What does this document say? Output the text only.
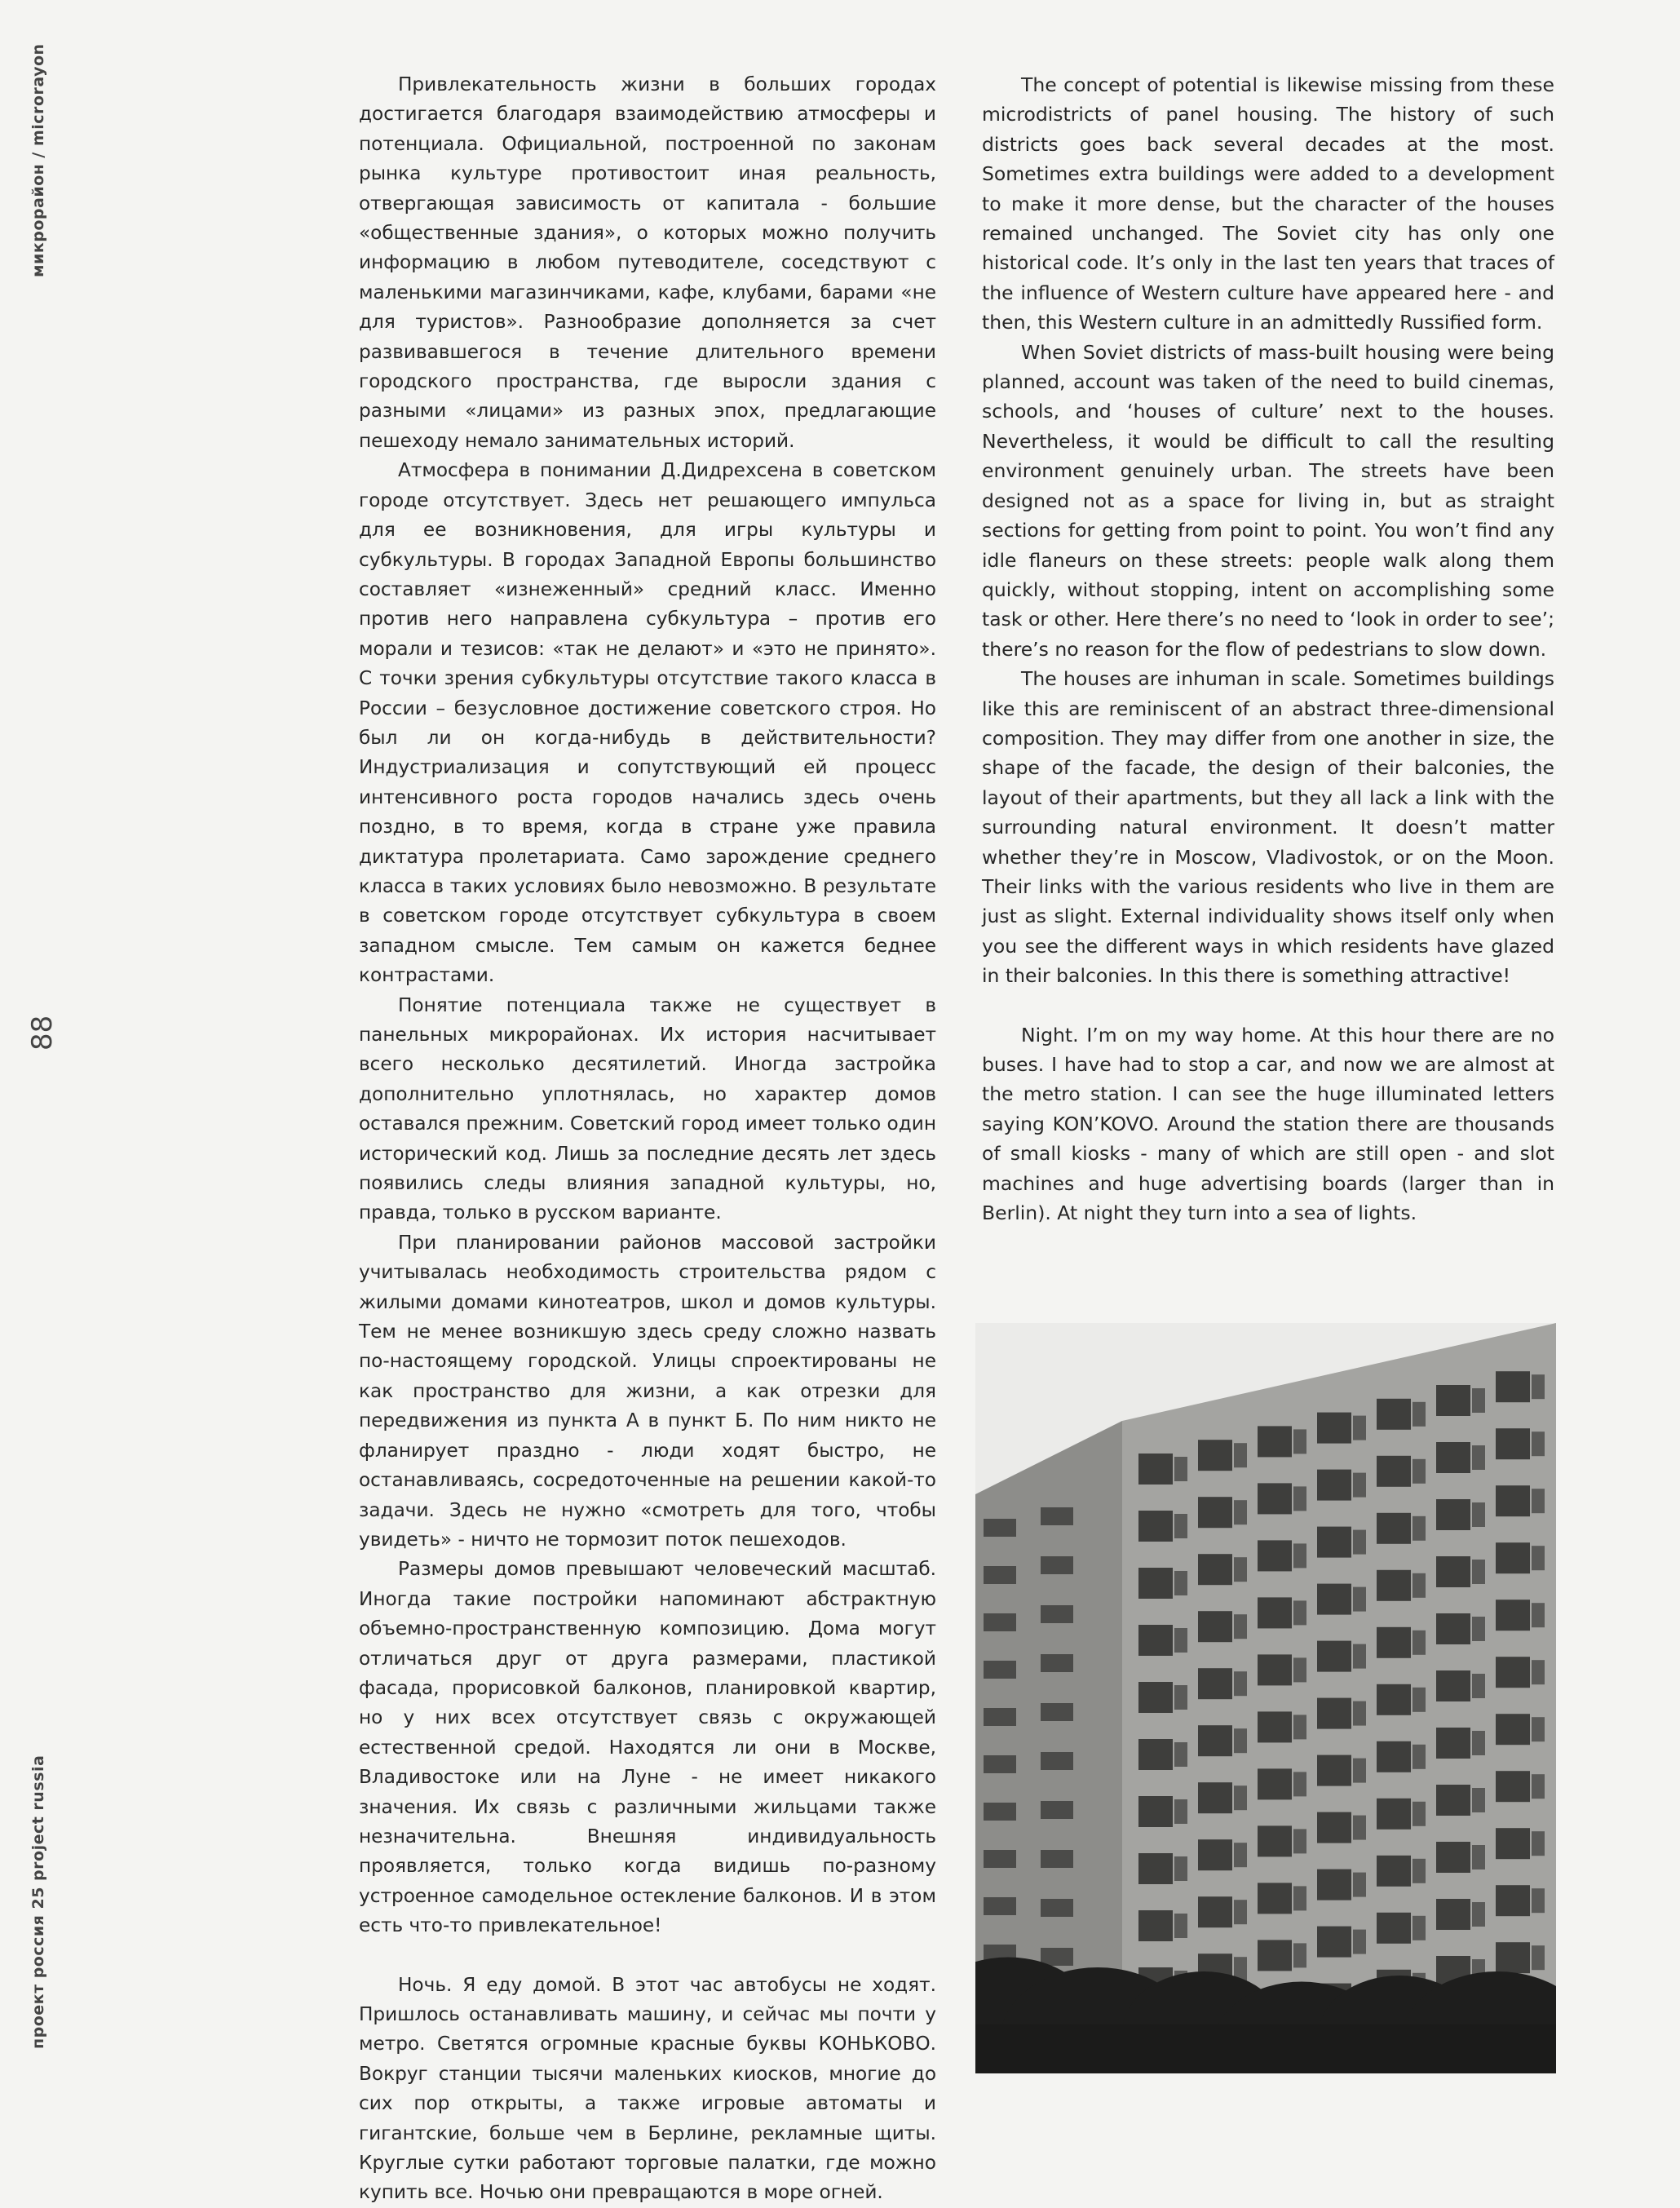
микрорайон / microrayon
88
проект россия 25 project russia

Привлекательность жизни в больших городах достигается благодаря взаимодействию атмосферы и потенциала. Официальной, построенной по законам рынка культуре противостоит иная реальность, отвергающая зависимость от капитала - большие «общественные здания», о которых можно получить информацию в любом путеводителе, соседствуют с маленькими магазинчиками, кафе, клубами, барами «не для туристов». Разнообразие дополняется за счет развивавшегося в течение длительного времени городского пространства, где выросли здания с разными «лицами» из разных эпох, предлагающие пешеходу немало занимательных историй.

Атмосфера в понимании Д.Дидрехсена в советском городе отсутствует. Здесь нет решающего импульса для ее возникновения, для игры культуры и субкультуры. В городах Западной Европы большинство составляет «изнеженный» средний класс. Именно против него направлена субкультура – против его морали и тезисов: «так не делают» и «это не принято». С точки зрения субкультуры отсутствие такого класса в России – безусловное достижение советского строя. Но был ли он когда-нибудь в действительности? Индустриализация и сопутствующий ей процесс интенсивного роста городов начались здесь очень поздно, в то время, когда в стране уже правила диктатура пролетариата. Само зарождение среднего класса в таких условиях было невозможно. В результате в советском городе отсутствует субкультура в своем западном смысле. Тем самым он кажется беднее контрастами.

Понятие потенциала также не существует в панельных микрорайонах. Их история насчитывает всего несколько десятилетий. Иногда застройка дополнительно уплотнялась, но характер домов оставался прежним. Советский город имеет только один исторический код. Лишь за последние десять лет здесь появились следы влияния западной культуры, но, правда, только в русском варианте.

При планировании районов массовой застройки учитывалась необходимость строительства рядом с жилыми домами кинотеатров, школ и домов культуры. Тем не менее возникшую здесь среду сложно назвать по-настоящему городской. Улицы спроектированы не как пространство для жизни, а как отрезки для передвижения из пункта А в пункт Б. По ним никто не фланирует праздно - люди ходят быстро, не останавливаясь, сосредоточенные на решении какой-то задачи. Здесь не нужно «смотреть для того, чтобы увидеть» - ничто не тормозит поток пешеходов.

Размеры домов превышают человеческий масштаб. Иногда такие постройки напоминают абстрактную объемно-пространственную композицию. Дома могут отличаться друг от друга размерами, пластикой фасада, прорисовкой балконов, планировкой квартир, но у них всех отсутствует связь с окружающей естественной средой. Находятся ли они в Москве, Владивостоке или на Луне - не имеет никакого значения. Их связь с различными жильцами также незначительна. Внешняя индивидуальность проявляется, только когда видишь по-разному устроенное самодельное остекление балконов. И в этом есть что-то привлекательное!

Ночь. Я еду домой. В этот час автобусы не ходят. Пришлось останавливать машину, и сейчас мы почти у метро. Светятся огромные красные буквы КОНЬКОВО. Вокруг станции тысячи маленьких киосков, многие до сих пор открыты, а также игровые автоматы и гигантские, больше чем в Берлине, рекламные щиты. Круглые сутки работают торговые палатки, где можно купить все. Ночью они превращаются в море огней.

The concept of potential is likewise missing from these microdistricts of panel housing. The history of such districts goes back several decades at the most. Sometimes extra buildings were added to a development to make it more dense, but the character of the houses remained unchanged. The Soviet city has only one historical code. It’s only in the last ten years that traces of the influence of Western culture have appeared here - and then, this Western culture in an admittedly Russified form.

When Soviet districts of mass-built housing were being planned, account was taken of the need to build cinemas, schools, and ‘houses of culture’ next to the houses. Nevertheless, it would be difficult to call the resulting environment genuinely urban. The streets have been designed not as a space for living in, but as straight sections for getting from point to point. You won’t find any idle flaneurs on these streets: people walk along them quickly, without stopping, intent on accomplishing some task or other. Here there’s no need to ‘look in order to see’; there’s no reason for the flow of pedestrians to slow down.

The houses are inhuman in scale. Sometimes buildings like this are reminiscent of an abstract three-dimensional composition. They may differ from one another in size, the shape of the facade, the design of their balconies, the layout of their apartments, but they all lack a link with the surrounding natural environment. It doesn’t matter whether they’re in Moscow, Vladivostok, or on the Moon. Their links with the various residents who live in them are just as slight. External individuality shows itself only when you see the different ways in which residents have glazed in their balconies. In this there is something attractive!

Night. I’m on my way home. At this hour there are no buses. I have had to stop a car, and now we are almost at the metro station. I can see the huge illuminated letters saying KON’KOVO. Around the station there are thousands of small kiosks - many of which are still open - and slot machines and huge advertising boards (larger than in Berlin). At night they turn into a sea of lights.
